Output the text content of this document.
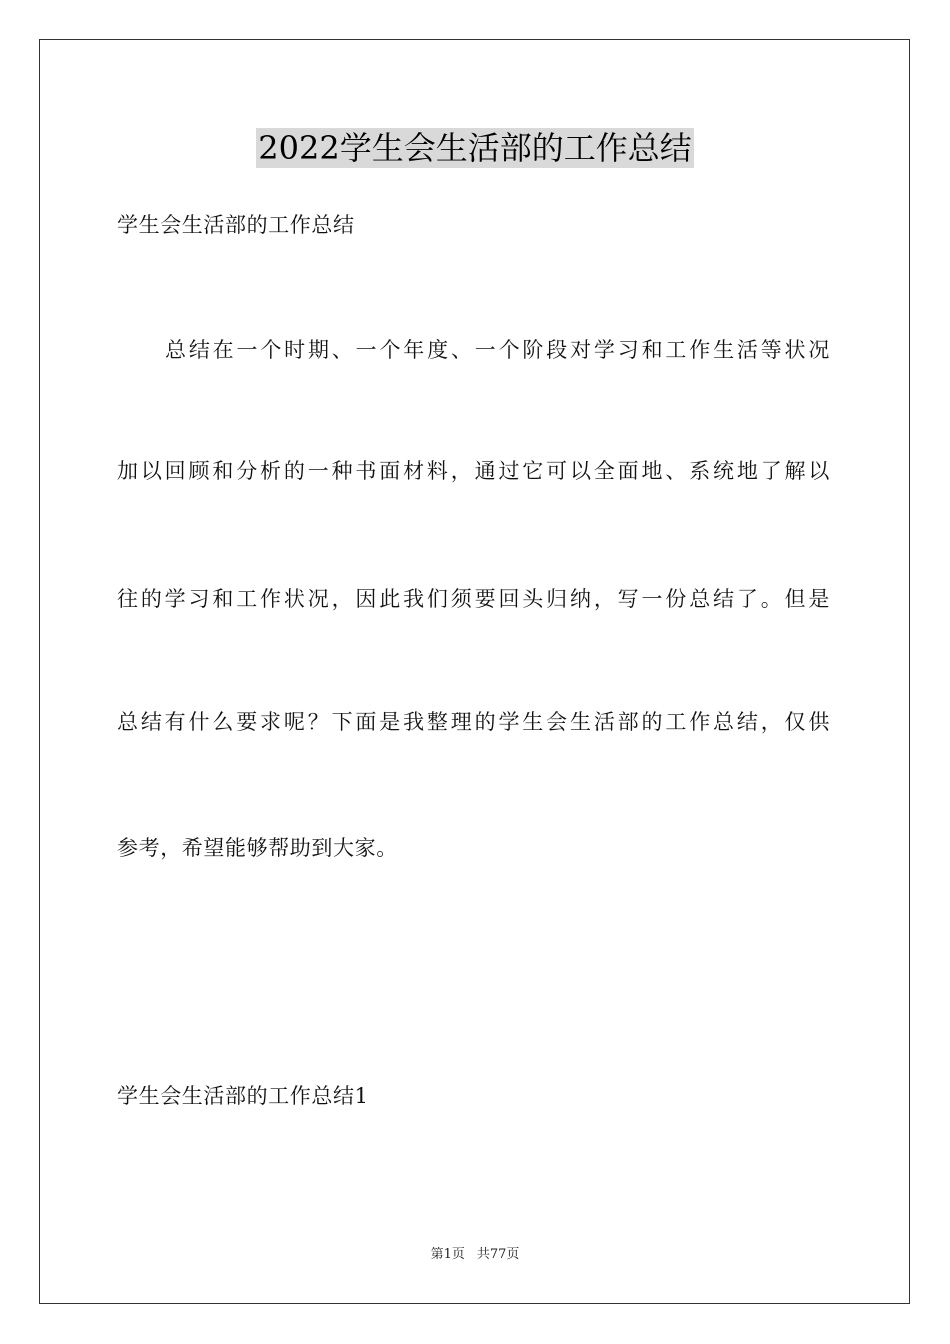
2022学生会生活部的工作总结

学生会生活部的工作总结

总结在一个时期、一个年度、一个阶段对学习和工作生活等状况

加以回顾和分析的一种书面材料，通过它可以全面地、系统地了解以

往的学习和工作状况，因此我们须要回头归纳，写一份总结了。但是

总结有什么要求呢？下面是我整理的学生会生活部的工作总结，仅供

参考，希望能够帮助到大家。

学生会生活部的工作总结1

第1页 共77页
